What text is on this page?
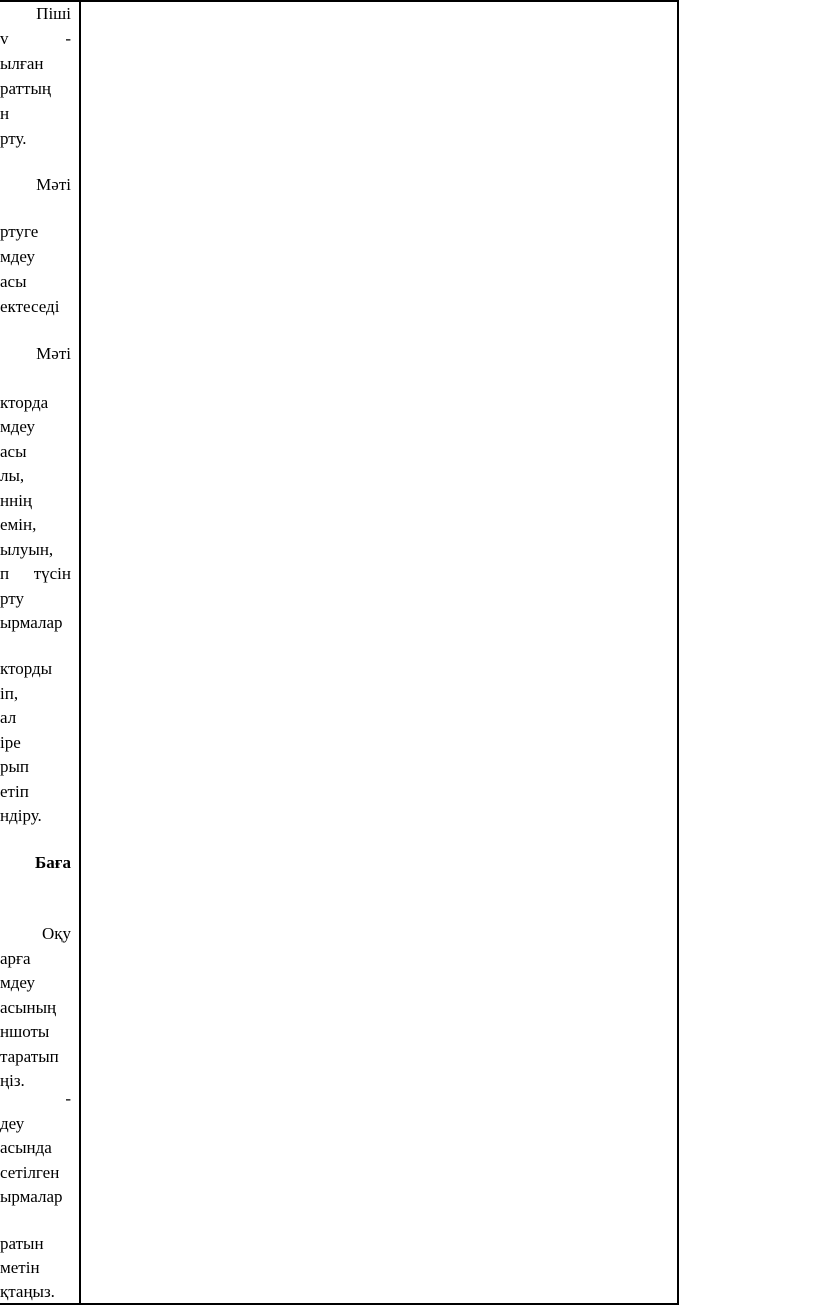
Піші
v	-
ылған
раттың
н
рту.
Мәті
ртуге
мдеу
асы
ектеседі
Мәті
кторда
мдеу
асы
лы,
ннің
емін,
ылуын,
п түсін
рту
ырмалар
кторды
іп,
ал
іре
рып
етіп
ндіру.
Баға
Оқу
арға
мдеу
асының
ншоты
таратып
ңіз.
-
деу
асында
сетілген
ырмалар
ратын
метін
қтаңыз.
